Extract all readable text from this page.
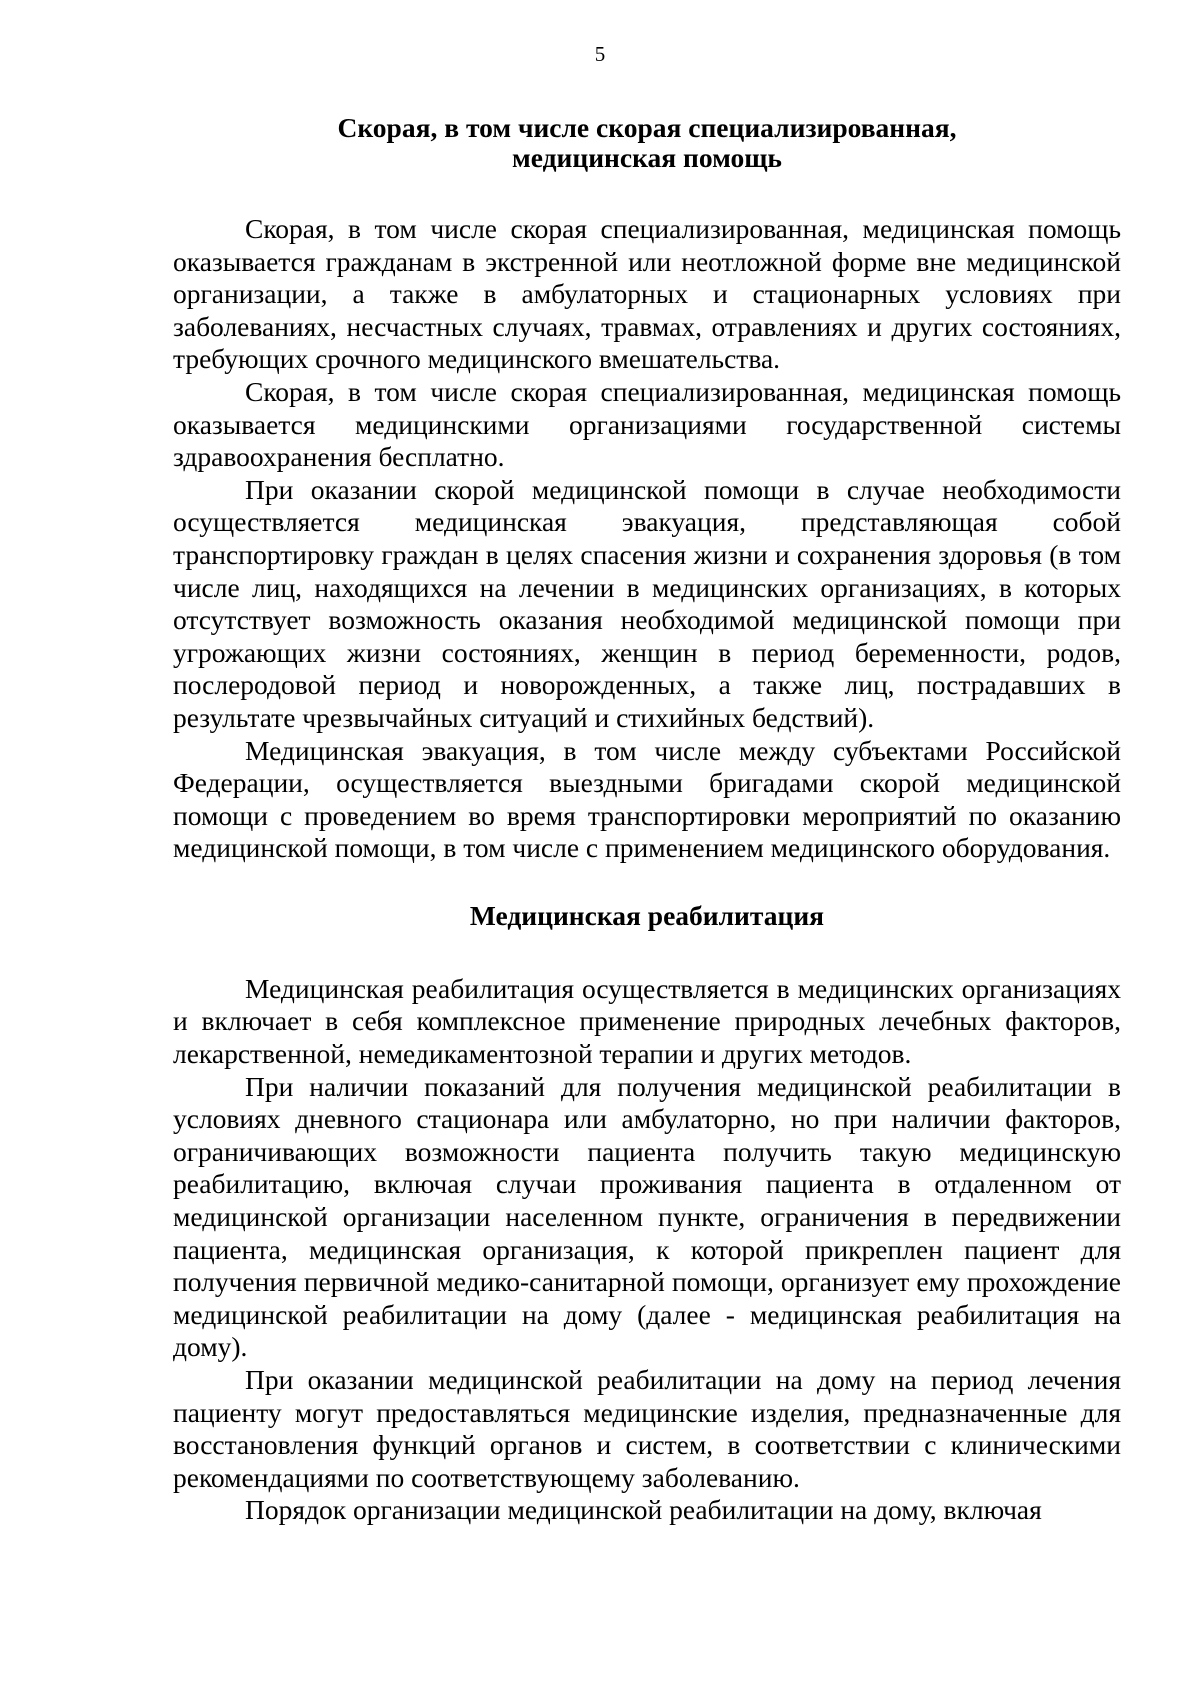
5
Скорая, в том числе скорая специализированная,
медицинская помощь

Скорая, в том числе скорая специализированная, медицинская помощь оказывается гражданам в экстренной или неотложной форме вне медицинской организации, а также в амбулаторных и стационарных условиях при заболеваниях, несчастных случаях, травмах, отравлениях и других состояниях, требующих срочного медицинского вмешательства.

Скорая, в том числе скорая специализированная, медицинская помощь оказывается медицинскими организациями государственной системы здравоохранения бесплатно.

При оказании скорой медицинской помощи в случае необходимости осуществляется медицинская эвакуация, представляющая собой транспортировку граждан в целях спасения жизни и сохранения здоровья (в том числе лиц, находящихся на лечении в медицинских организациях, в которых отсутствует возможность оказания необходимой медицинской помощи при угрожающих жизни состояниях, женщин в период беременности, родов, послеродовой период и новорожденных, а также лиц, пострадавших в результате чрезвычайных ситуаций и стихийных бедствий).

Медицинская эвакуация, в том числе между субъектами Российской Федерации, осуществляется выездными бригадами скорой медицинской помощи с проведением во время транспортировки мероприятий по оказанию медицинской помощи, в том числе с применением медицинского оборудования.

Медицинская реабилитация

Медицинская реабилитация осуществляется в медицинских организациях и включает в себя комплексное применение природных лечебных факторов, лекарственной, немедикаментозной терапии и других методов.

При наличии показаний для получения медицинской реабилитации в условиях дневного стационара или амбулаторно, но при наличии факторов, ограничивающих возможности пациента получить такую медицинскую реабилитацию, включая случаи проживания пациента в отдаленном от медицинской организации населенном пункте, ограничения в передвижении пациента, медицинская организация, к которой прикреплен пациент для получения первичной медико-санитарной помощи, организует ему прохождение медицинской реабилитации на дому (далее - медицинская реабилитация на дому).

При оказании медицинской реабилитации на дому на период лечения пациенту могут предоставляться медицинские изделия, предназначенные для восстановления функций органов и систем, в соответствии с клиническими рекомендациями по соответствующему заболеванию.

Порядок организации медицинской реабилитации на дому, включая
